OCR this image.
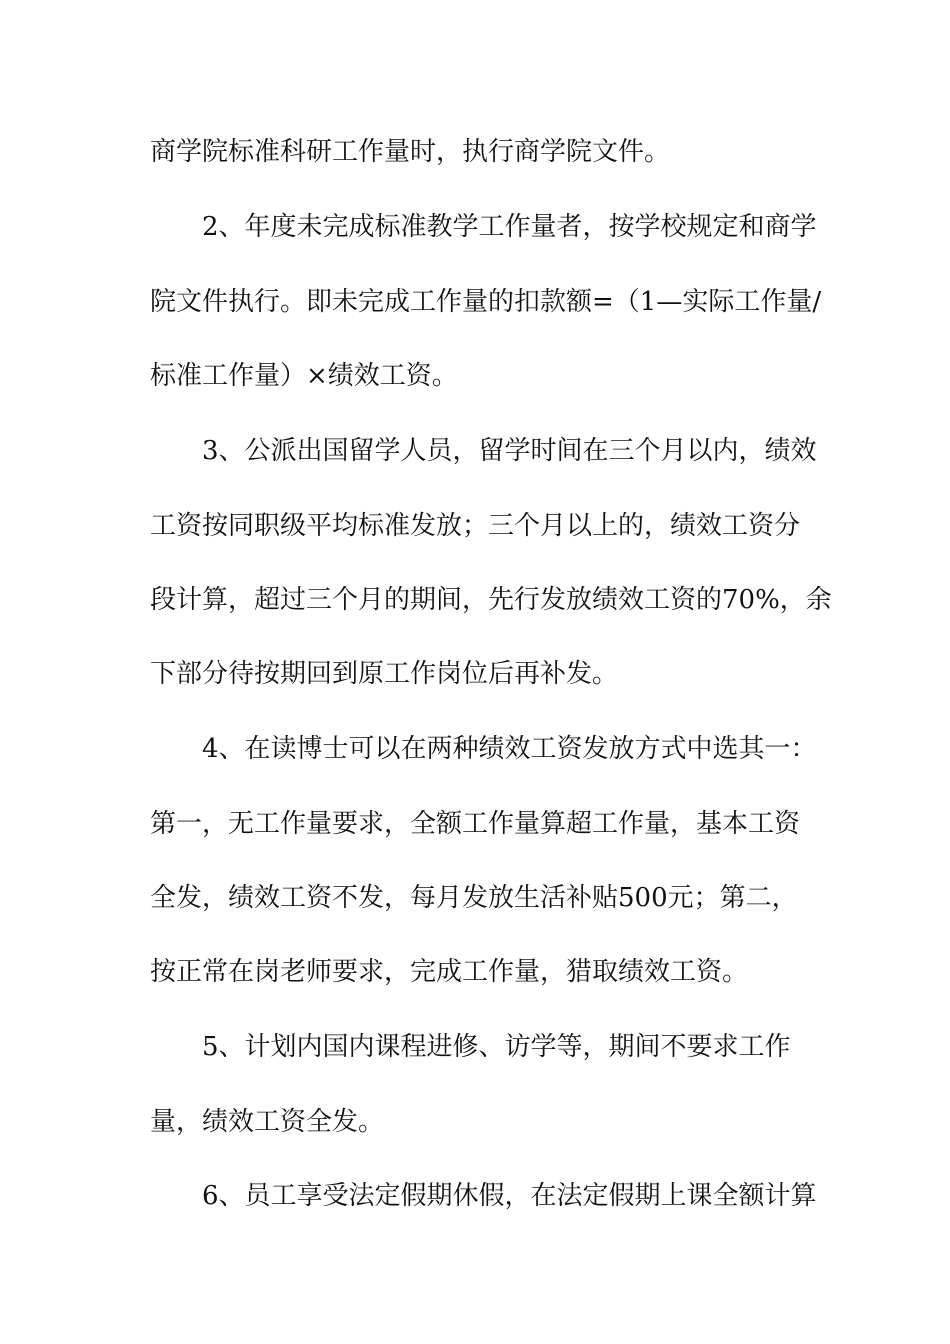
商学院标准科研工作量时，执行商学院文件。
2、年度未完成标准教学工作量者，按学校规定和商学
院文件执行。即未完成工作量的扣款额=（1—实际工作量/
标准工作量）×绩效工资。
3、公派出国留学人员，留学时间在三个月以内，绩效
工资按同职级平均标准发放；三个月以上的，绩效工资分
段计算，超过三个月的期间，先行发放绩效工资的70%，余
下部分待按期回到原工作岗位后再补发。
4、在读博士可以在两种绩效工资发放方式中选其一：
第一，无工作量要求，全额工作量算超工作量，基本工资
全发，绩效工资不发，每月发放生活补贴500元；第二，
按正常在岗老师要求，完成工作量，猎取绩效工资。
5、计划内国内课程进修、访学等，期间不要求工作
量，绩效工资全发。
6、员工享受法定假期休假，在法定假期上课全额计算
